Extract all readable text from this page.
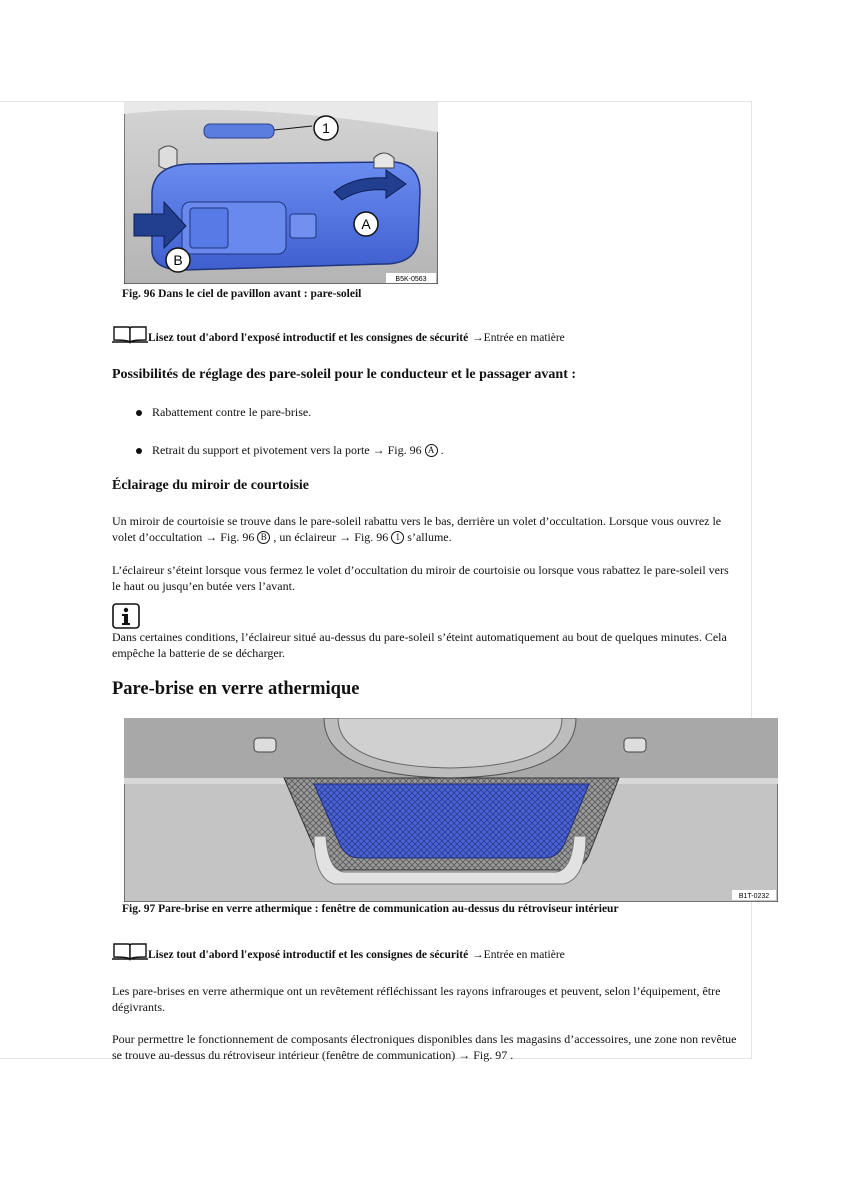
1
A
B
B5K-0563
Fig. 96 Dans le ciel de pavillon avant : pare-soleil
Lisez tout d'abord l'exposé introductif et les consignes de sécurité → Entrée en matière
Possibilités de réglage des pare-soleil pour le conducteur et le passager avant :
Rabattement contre le pare-brise.
Retrait du support et pivotement vers la porte → Fig. 96 A .
Éclairage du miroir de courtoisie
Un miroir de courtoisie se trouve dans le pare-soleil rabattu vers le bas, derrière un volet d’occultation. Lorsque vous ouvrez le
volet d’occultation → Fig. 96 B , un éclaireur → Fig. 96 1 s’allume.
L’éclaireur s’éteint lorsque vous fermez le volet d’occultation du miroir de courtoisie ou lorsque vous rabattez le pare-soleil vers le haut ou jusqu’en butée vers l’avant.
Dans certaines conditions, l’éclaireur situé au-dessus du pare-soleil s’éteint automatiquement au bout de quelques minutes. Cela empêche la batterie de se décharger.
Pare-brise en verre athermique
B1T-0232
Fig. 97 Pare-brise en verre athermique : fenêtre de communication au-dessus du rétroviseur intérieur
Lisez tout d'abord l'exposé introductif et les consignes de sécurité → Entrée en matière
Les pare-brises en verre athermique ont un revêtement réfléchissant les rayons infrarouges et peuvent, selon l’équipement, être dégivrants.
Pour permettre le fonctionnement de composants électroniques disponibles dans les magasins d’accessoires, une zone non revêtue se trouve au-dessus du rétroviseur intérieur (fenêtre de communication) → Fig. 97 .
